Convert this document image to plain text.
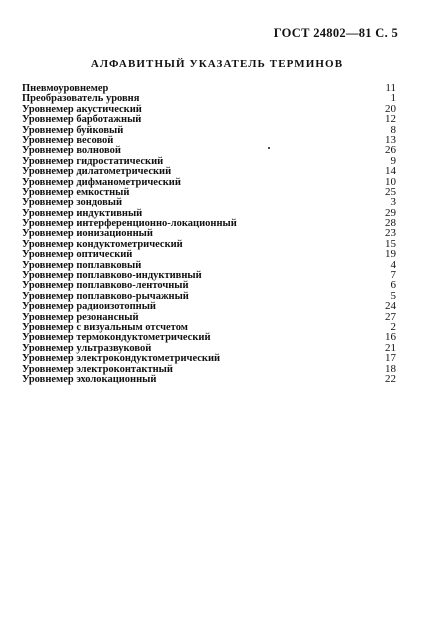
ГОСТ 24802—81 С. 5
АЛФАВИТНЫЙ УКАЗАТЕЛЬ ТЕРМИНОВ
Пневмоуровнемер	11
Преобразователь уровня	1
Уровнемер акустический	20
Уровнемер барботажный	12
Уровнемер буйковый	8
Уровнемер весовой	13
Уровнемер волновой	26
Уровнемер гидростатический	9
Уровнемер дилатометрический	14
Уровнемер дифманометрический	10
Уровнемер емкостный	25
Уровнемер зондовый	3
Уровнемер индуктивный	29
Уровнемер интерференционно-локационный	28
Уровнемер ионизационный	23
Уровнемер кондуктометрический	15
Уровнемер оптический	19
Уровнемер поплавковый	4
Уровнемер поплавково-индуктивный	7
Уровнемер поплавково-ленточный	6
Уровнемер поплавково-рычажный	5
Уровнемер радиоизотопный	24
Уровнемер резонансный	27
Уровнемер с визуальным отсчетом	2
Уровнемер термокондуктометрический	16
Уровнемер ультразвуковой	21
Уровнемер электрокондуктометрический	17
Уровнемер электроконтактный	18
Уровнемер эхолокационный	22
